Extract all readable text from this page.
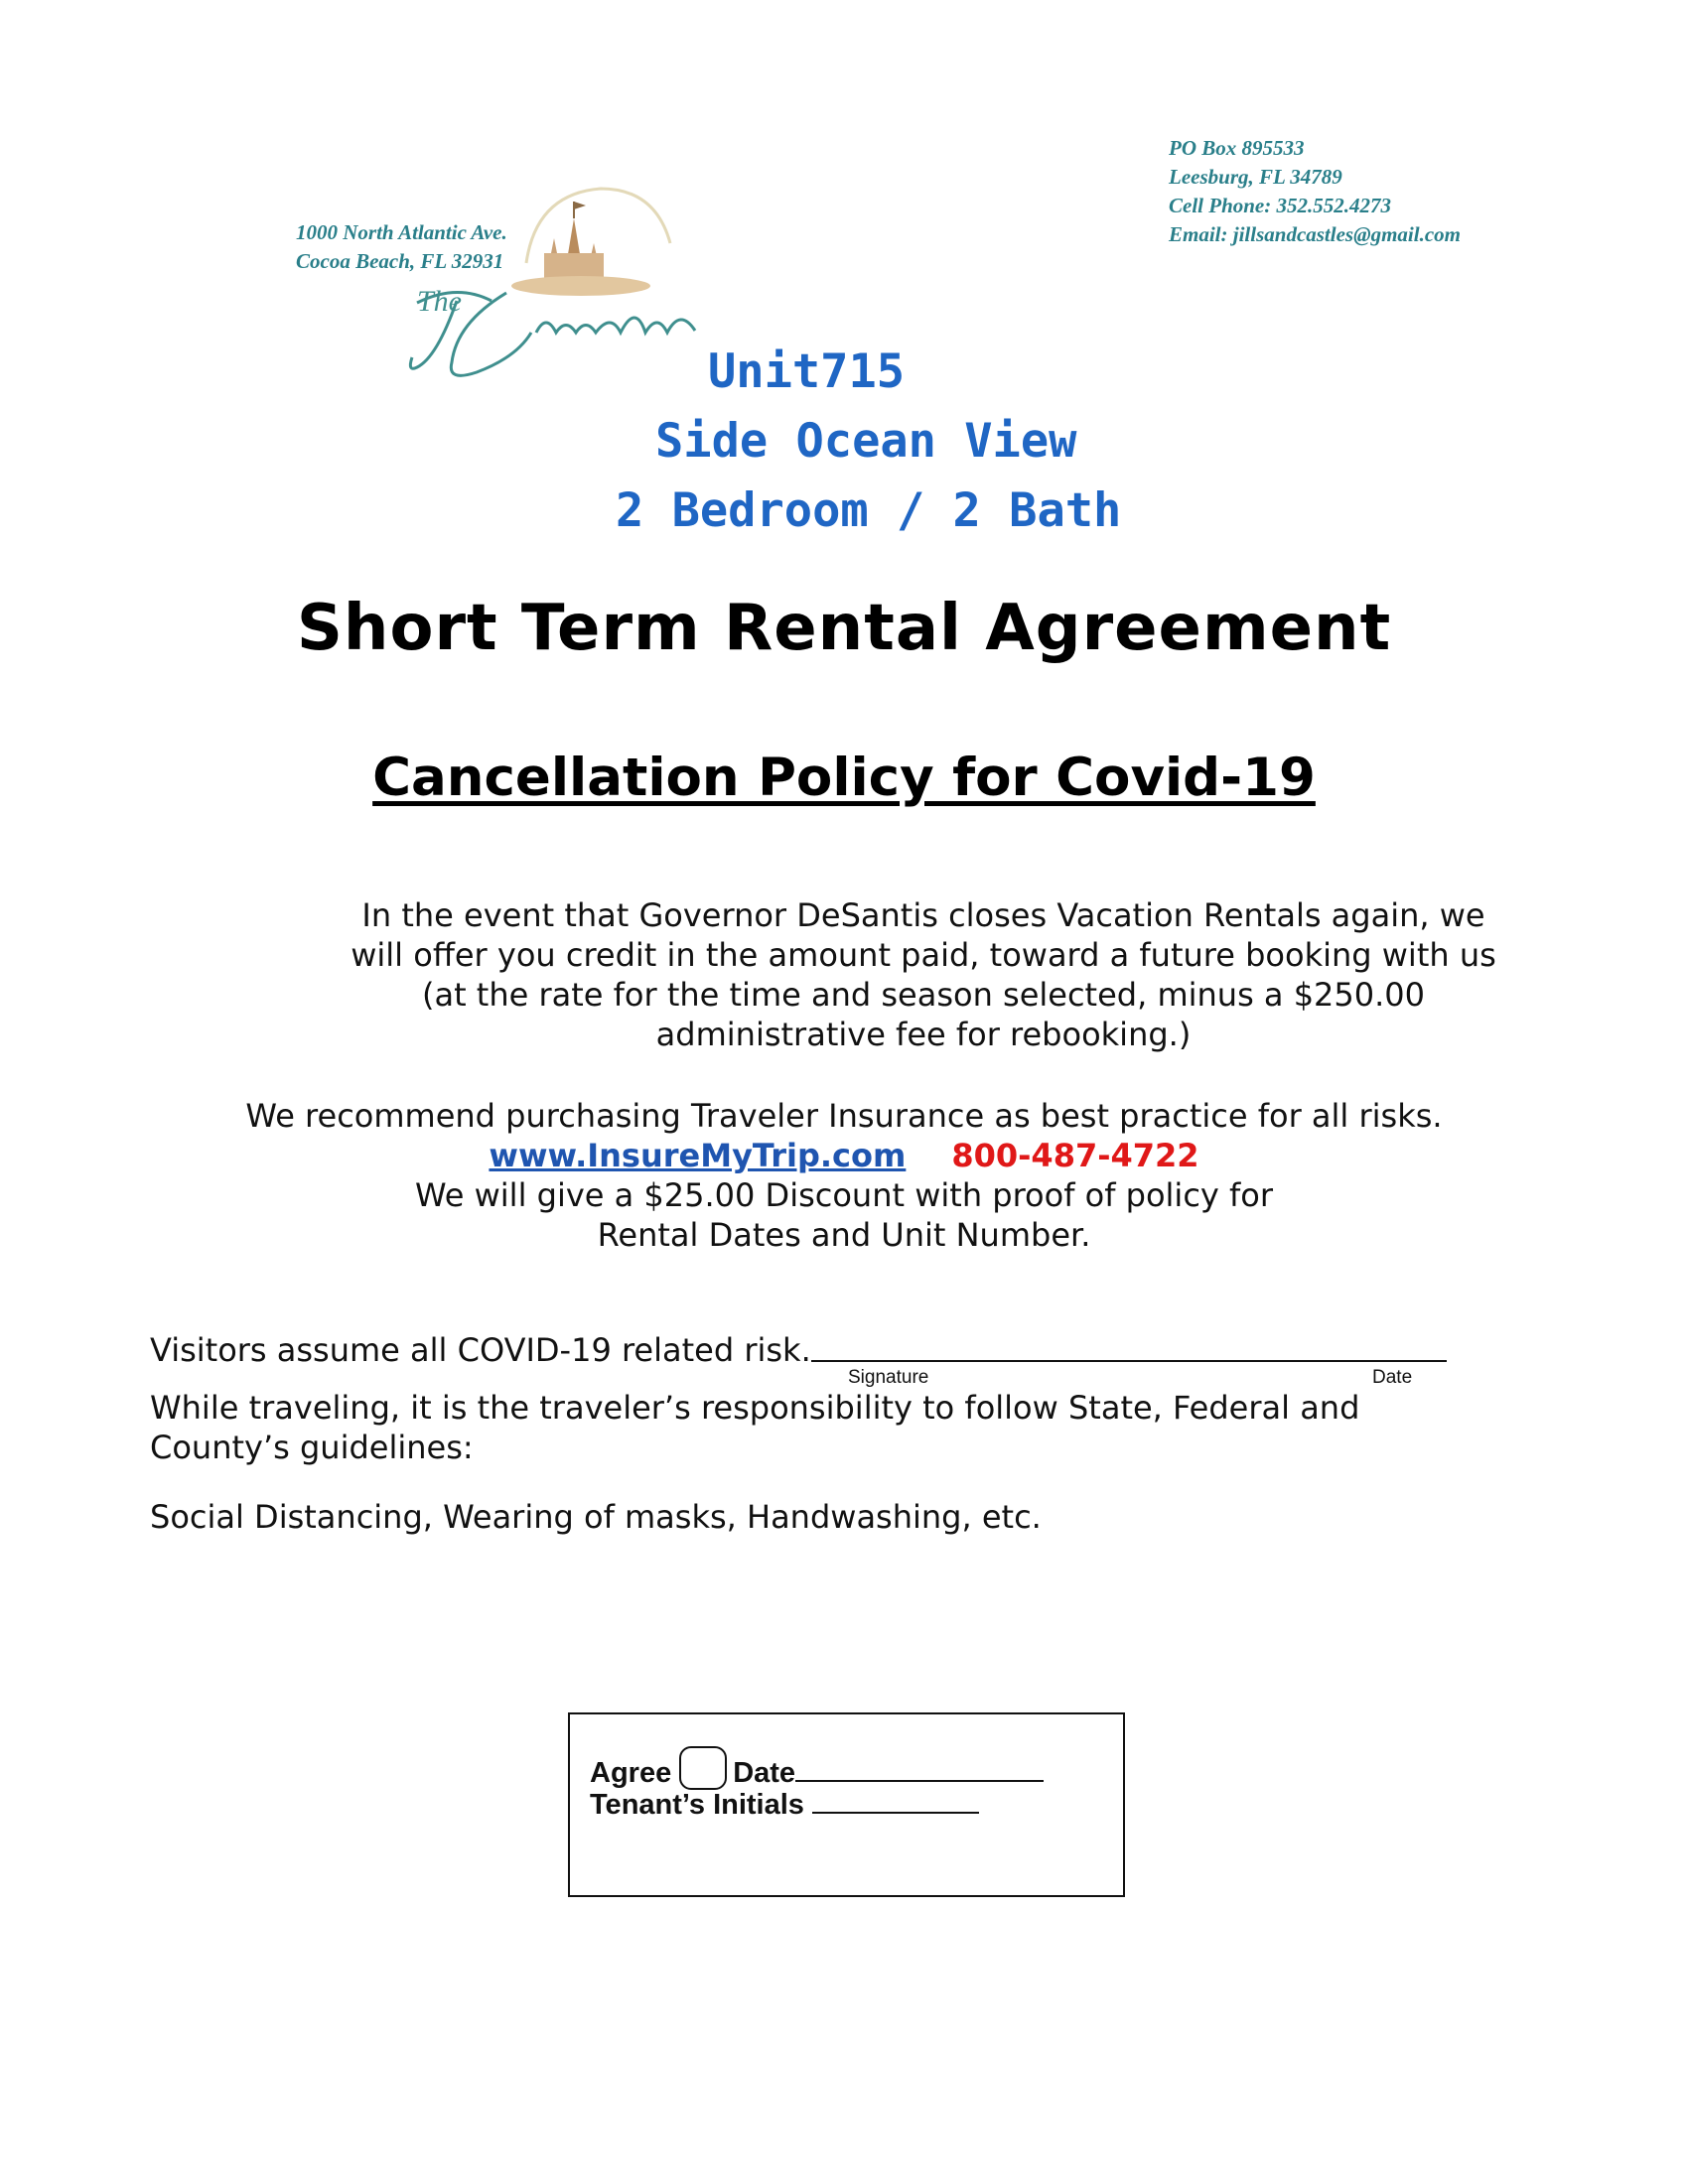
1000 North Atlantic Ave.
Cocoa Beach, FL 32931
The
PO Box 895533
Leesburg, FL 34789
Cell Phone: 352.552.4273
Email: jillsandcastles@gmail.com
Unit715
Side Ocean View
2 Bedroom / 2 Bath
Short Term Rental Agreement
Cancellation Policy for Covid-19
In the event that Governor DeSantis closes Vacation Rentals again, we
will offer you credit in the amount paid, toward a future booking with us
(at the rate for the time and season selected, minus a $250.00
administrative fee for rebooking.)
We recommend purchasing Traveler Insurance as best practice for all risks.
www.InsureMyTrip.com 800-487-4722
We will give a $25.00 Discount with proof of policy for
Rental Dates and Unit Number.
Visitors assume all COVID-19 related risk.
Signature	Date
While traveling, it is the traveler’s responsibility to follow State, Federal and County’s guidelines:
Social Distancing, Wearing of masks, Handwashing, etc.
Agree Date
Tenant’s Initials
